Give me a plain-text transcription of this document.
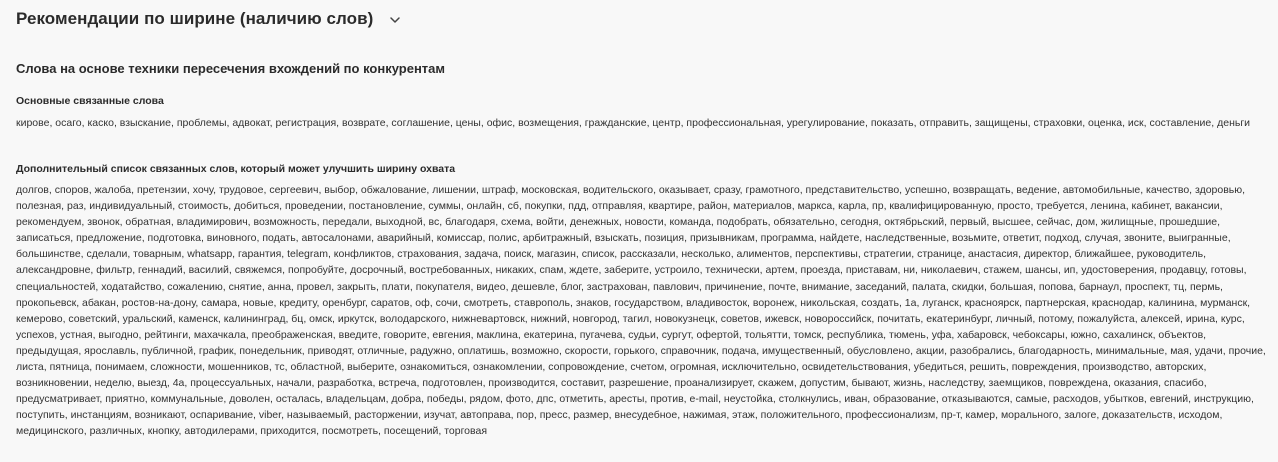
Рекомендации по ширине (наличию слов)
Слова на основе техники пересечения вхождений по конкурентам
Основные связанные слова
кирове, осаго, каско, взыскание, проблемы, адвокат, регистрация, возврате, соглашение, цены, офис, возмещения, гражданские, центр, профессиональная, урегулирование, показать, отправить, защищены, страховки, оценка, иск, составление, деньги
Дополнительный список связанных слов, который может улучшить ширину охвата
долгов, споров, жалоба, претензии, хочу, трудовое, сергеевич, выбор, обжалование, лишении, штраф, московская, водительского, оказывает, сразу, грамотного, представительство, успешно, возвращать, ведение, автомобильные, качество, здоровью, полезная, раз, индивидуальный, стоимость, добиться, проведении, постановление, суммы, онлайн, сб, покупки, пдд, отправляя, квартире, район, материалов, маркса, карла, пр, квалифицированную, просто, требуется, ленина, кабинет, вакансии, рекомендуем, звонок, обратная, владимирович, возможность, передали, выходной, вс, благодаря, схема, войти, денежных, новости, команда, подобрать, обязательно, сегодня, октябрьский, первый, высшее, сейчас, дом, жилищные, прошедшие, записаться, предложение, подготовка, виновного, подать, автосалонами, аварийный, комиссар, полис, арбитражный, взыскать, позиция, призывникам, программа, найдете, наследственные, возьмите, ответит, подход, случая, звоните, выигранные, большинстве, сделали, товарным, whatsapp, гарантия, telegram, конфликтов, страхования, задача, поиск, магазин, список, рассказали, несколько, алиментов, перспективы, стратегии, странице, анастасия, директор, ближайшее, руководитель, александровне, фильтр, геннадий, василий, свяжемся, попробуйте, досрочный, востребованных, никаких, спам, ждете, заберите, устроило, технически, артем, проезда, приставам, ни, николаевич, стажем, шансы, ип, удостоверения, продавцу, готовы, специальностей, ходатайство, сожалению, снятие, анна, провел, закрыть, плати, покупателя, видео, дешевле, блог, застрахован, павлович, причинение, почте, внимание, заседаний, палата, скидки, большая, попова, барнаул, проспект, тц, пермь, прокопьевск, абакан, ростов-на-дону, самара, новые, кредиту, оренбург, саратов, оф, сочи, смотреть, ставрополь, знаков, государством, владивосток, воронеж, никольская, создать, 1а, луганск, красноярск, партнерская, краснодар, калинина, мурманск, кемерово, советский, уральский, каменск, калининград, бц, омск, иркутск, володарского, нижневартовск, нижний, новгород, тагил, новокузнецк, советов, ижевск, новороссийск, почитать, екатеринбург, личный, потому, пожалуйста, алексей, ирина, курс, успехов, устная, выгодно, рейтинги, махачкала, преображенская, введите, говорите, евгения, маклина, екатерина, пугачева, судьи, сургут, офертой, тольятти, томск, республика, тюмень, уфа, хабаровск, чебоксары, южно, сахалинск, объектов, предыдущая, ярославль, публичной, график, понедельник, приводят, отличные, радужно, оплатишь, возможно, скорости, горького, справочник, подача, имущественный, обусловлено, акции, разобрались, благодарность, минимальные, мая, удачи, прочие, листа, пятница, понимаем, сложности, мошенников, тс, областной, выберите, ознакомиться, ознакомлении, сопровождение, счетом, огромная, исключительно, освидетельствования, убедиться, решить, повреждения, производство, авторских, возникновении, неделю, выезд, 4а, процессуальных, начали, разработка, встреча, подготовлен, производится, составит, разрешение, проанализирует, скажем, допустим, бывают, жизнь, наследству, заемщиков, повреждена, оказания, спасибо, предусматривает, приятно, коммунальные, доволен, осталась, владельцам, добра, победы, рядом, фото, дпс, отметить, аресты, против, e-mail, неустойка, столкнулись, иван, образование, отказываются, самые, расходов, убытков, евгений, инструкцию, поступить, инстанциям, возникают, оспаривание, viber, называемый, расторжении, изучат, автоправа, пор, пресс, размер, внесудебное, нажимая, этаж, положительного, профессионализм, пр-т, камер, морального, залоге, доказательств, исходом, медицинского, различных, кнопку, автодилерами, приходится, посмотреть, посещений, торговая
